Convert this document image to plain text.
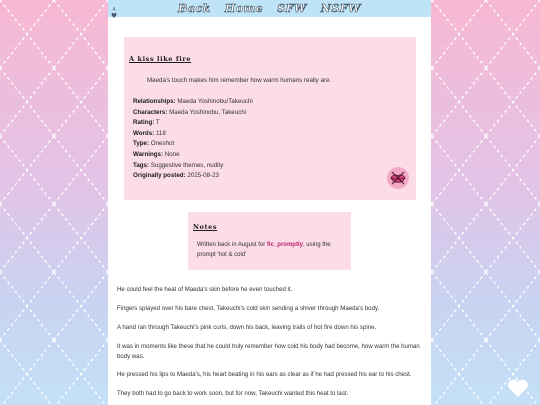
Back Home SFW NSFW
4
♥
A kiss like fire
Maeda's touch makes him remember how warm humans really are.
Relationships: Maeda Yoshinobu/Takeuchi
Characters: Maeda Yoshinobu, Takeuchi
Rating: T
Words: 118
Type: Oneshot
Warnings: None
Tags: Suggestive themes, nudity
Originally posted: 2025-08-23
Notes

Written back in August for fic_promptly, using the prompt 'hot & cold'

He could feel the heat of Maeda's skin before he even touched it.

Fingers splayed over his bare chest, Takeuchi's cold skin sending a shiver through Maeda's body.

A hand ran through Takeuchi's pink curls, down his back, leaving trails of hot fire down his spine.

It was in moments like these that he could truly remember how cold his body had become, how warm the human body was.

He pressed his lips to Maeda's, his heart beating in his ears as clear as if he had pressed his ear to his chest.

They both had to go back to work soon, but for now, Takeuchi wanted this heat to last.
